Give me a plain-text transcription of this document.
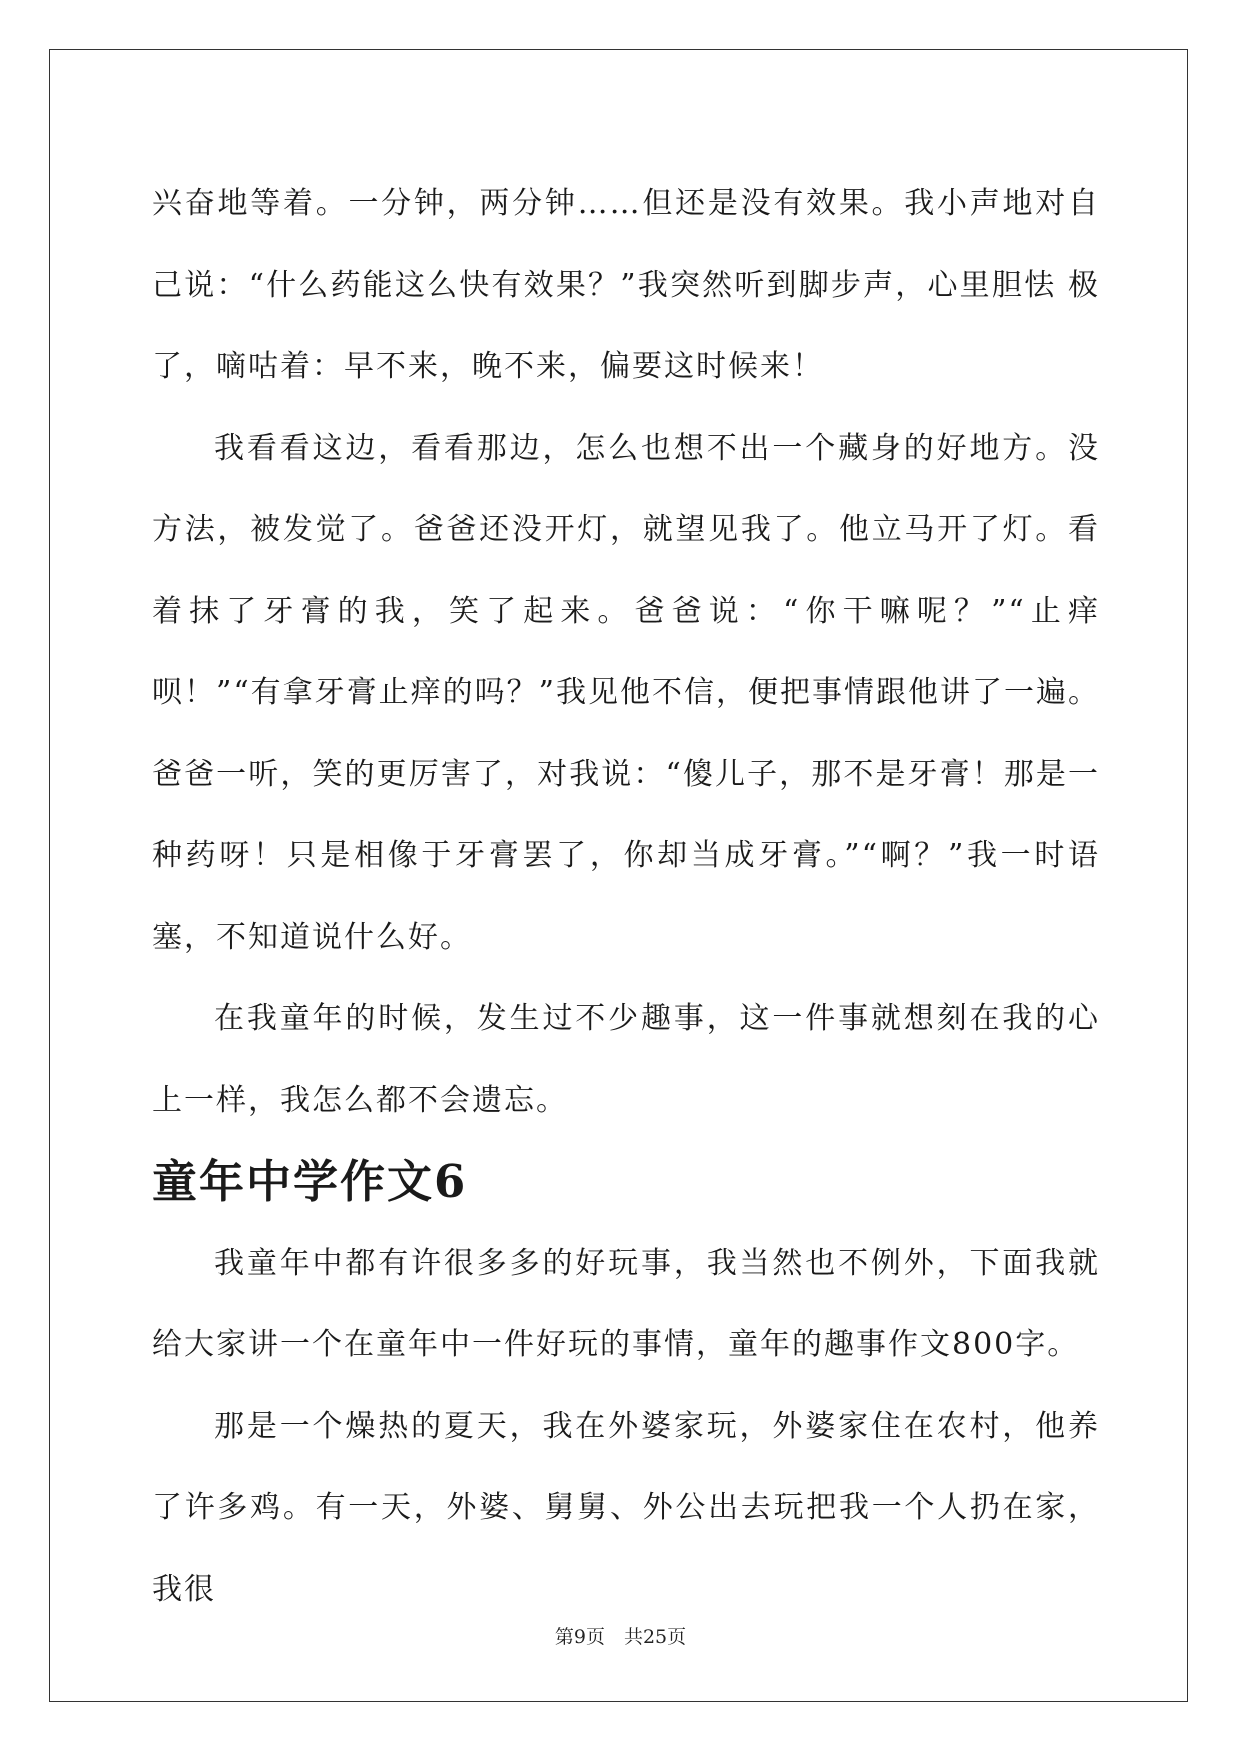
兴奋地等着。一分钟，两分钟……但还是没有效果。我小声地对自己说：“什么药能这么快有效果？”我突然听到脚步声，心里胆怯 极了，嘀咕着：早不来，晚不来，偏要这时候来！

我看看这边，看看那边，怎么也想不出一个藏身的好地方。没方法，被发觉了。爸爸还没开灯，就望见我了。他立马开了灯。看着抹了牙膏的我，笑了起来。爸爸说：“你干嘛呢？”“止痒呗！”“有拿牙膏止痒的吗？”我见他不信，便把事情跟他讲了一遍。爸爸一听，笑的更厉害了，对我说：“傻儿子，那不是牙膏！那是一种药呀！只是相像于牙膏罢了，你却当成牙膏。”“啊？”我一时语塞，不知道说什么好。

在我童年的时候，发生过不少趣事，这一件事就想刻在我的心上一样，我怎么都不会遗忘。

童年中学作文6

我童年中都有许很多多的好玩事，我当然也不例外，下面我就给大家讲一个在童年中一件好玩的事情，童年的趣事作文800字。

那是一个燥热的夏天，我在外婆家玩，外婆家住在农村，他养了许多鸡。有一天，外婆、舅舅、外公出去玩把我一个人扔在家，我很

第9页　共25页
